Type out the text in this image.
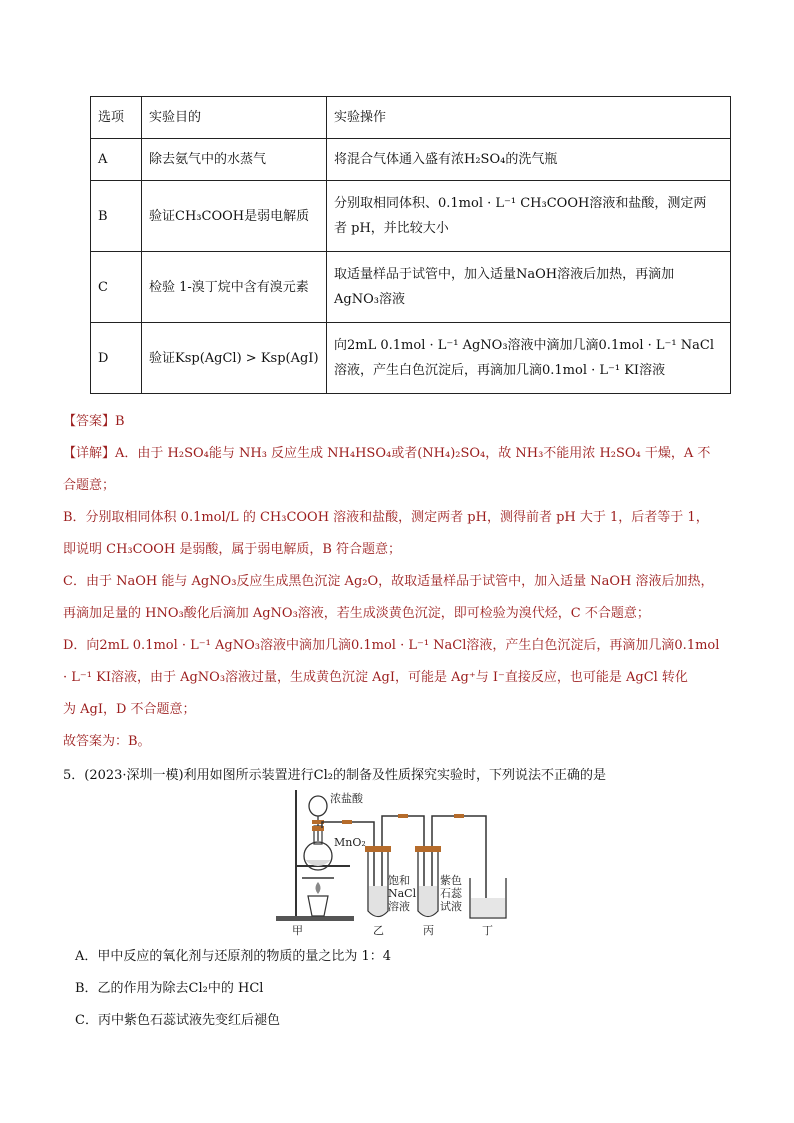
选项	实验目的	实验操作
A	除去氨气中的水蒸气	将混合气体通入盛有浓H₂SO₄的洗气瓶
B	验证CH₃COOH是弱电解质	分别取相同体积、0.1mol · L⁻¹ CH₃COOH溶液和盐酸，测定两
者 pH，并比较大小

C	检验 1-溴丁烷中含有溴元素	取适量样品于试管中，加入适量NaOH溶液后加热，再滴加
AgNO₃溶液

D	验证Ksp(AgCl) > Ksp(AgI)	向2mL 0.1mol · L⁻¹ AgNO₃溶液中滴加几滴0.1mol · L⁻¹ NaCl
溶液，产生白色沉淀后，再滴加几滴0.1mol · L⁻¹ KI溶液
【答案】B
【详解】A．由于 H₂SO₄能与 NH₃ 反应生成 NH₄HSO₄或者(NH₄)₂SO₄，故 NH₃不能用浓 H₂SO₄ 干燥，A 不
合题意；
B．分别取相同体积 0.1mol/L 的 CH₃COOH 溶液和盐酸，测定两者 pH，测得前者 pH 大于 1，后者等于 1，
即说明 CH₃COOH 是弱酸，属于弱电解质，B 符合题意；
C．由于 NaOH 能与 AgNO₃反应生成黑色沉淀 Ag₂O，故取适量样品于试管中，加入适量 NaOH 溶液后加热，
再滴加足量的 HNO₃酸化后滴加 AgNO₃溶液，若生成淡黄色沉淀，即可检验为溴代烃，C 不合题意；
D．向2mL 0.1mol · L⁻¹ AgNO₃溶液中滴加几滴0.1mol · L⁻¹ NaCl溶液，产生白色沉淀后，再滴加几滴0.1mol
· L⁻¹ KI溶液，由于 AgNO₃溶液过量，生成黄色沉淀 AgI，可能是 Ag⁺与 I⁻直接反应，也可能是 AgCl 转化
为 AgI，D 不合题意；
故答案为：B。
5．(2023·深圳一模)利用如图所示装置进行Cl₂的制备及性质探究实验时，下列说法不正确的是
浓盐酸
MnO₂
饱和
NaCl
溶液
紫色
石蕊
试液
甲	乙	丙	丁
A．甲中反应的氧化剂与还原剂的物质的量之比为 1：4
B．乙的作用为除去Cl₂中的 HCl
C．丙中紫色石蕊试液先变红后褪色
